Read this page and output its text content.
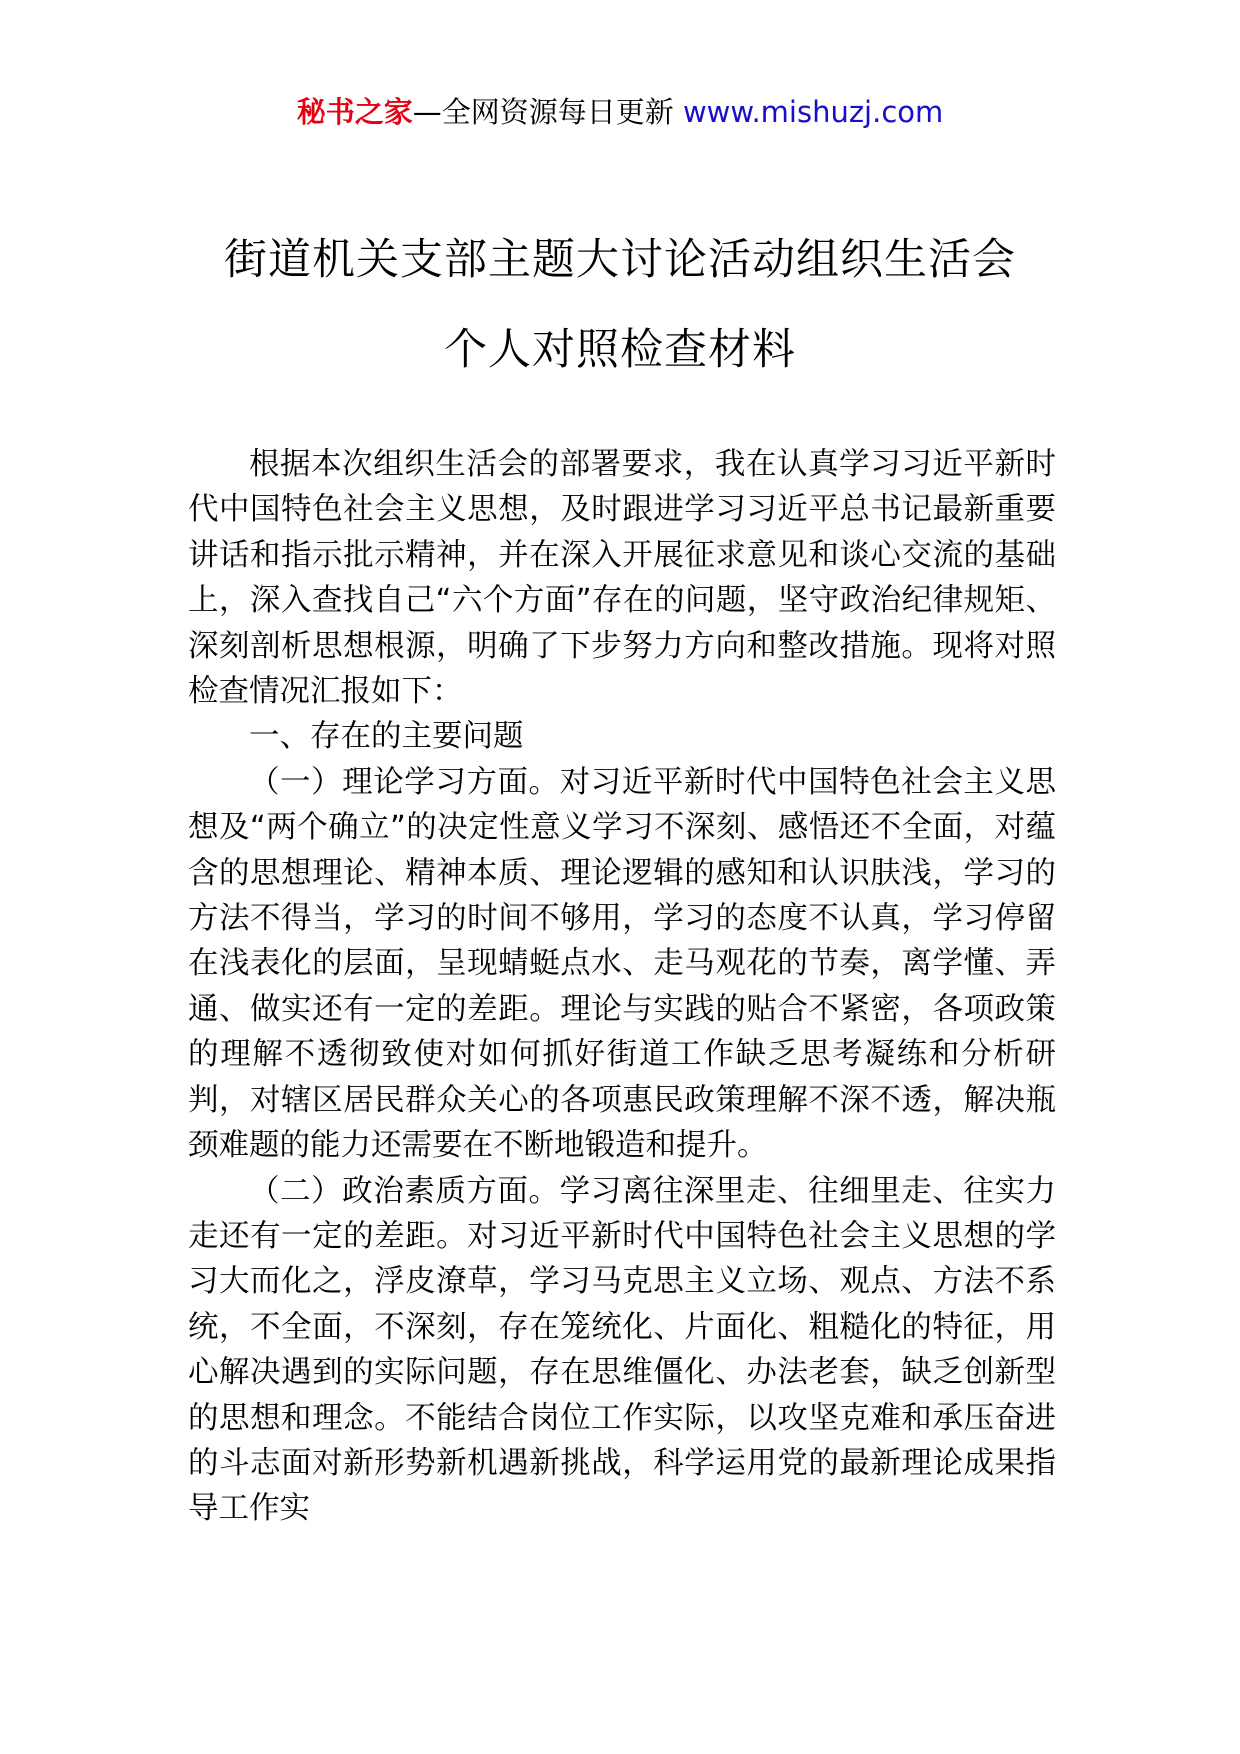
秘书之家—全网资源每日更新 www.mishuzj.com
街道机关支部主题大讨论活动组织生活会
个人对照检查材料

根据本次组织生活会的部署要求，我在认真学习习近平新时代中国特色社会主义思想，及时跟进学习习近平总书记最新重要讲话和指示批示精神，并在深入开展征求意见和谈心交流的基础上，深入查找自己“六个方面”存在的问题，坚守政治纪律规矩、深刻剖析思想根源，明确了下步努力方向和整改措施。现将对照检查情况汇报如下：

一、存在的主要问题

（一）理论学习方面。对习近平新时代中国特色社会主义思想及“两个确立”的决定性意义学习不深刻、感悟还不全面，对蕴含的思想理论、精神本质、理论逻辑的感知和认识肤浅，学习的方法不得当，学习的时间不够用，学习的态度不认真，学习停留在浅表化的层面，呈现蜻蜓点水、走马观花的节奏，离学懂、弄通、做实还有一定的差距。理论与实践的贴合不紧密，各项政策的理解不透彻致使对如何抓好街道工作缺乏思考凝练和分析研判，对辖区居民群众关心的各项惠民政策理解不深不透，解决瓶颈难题的能力还需要在不断地锻造和提升。

（二）政治素质方面。学习离往深里走、往细里走、往实力走还有一定的差距。对习近平新时代中国特色社会主义思想的学习大而化之，浮皮潦草，学习马克思主义立场、观点、方法不系统，不全面，不深刻，存在笼统化、片面化、粗糙化的特征，用心解决遇到的实际问题，存在思维僵化、办法老套，缺乏创新型的思想和理念。不能结合岗位工作实际，以攻坚克难和承压奋进的斗志面对新形势新机遇新挑战，科学运用党的最新理论成果指导工作实
